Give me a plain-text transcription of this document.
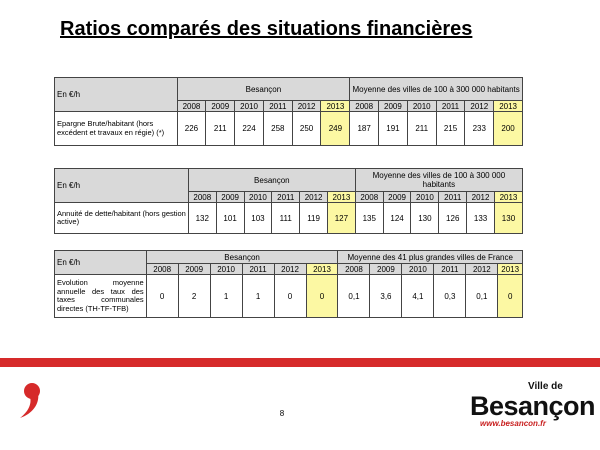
Ratios comparés des situations financières
En €/h	Besançon						Moyenne des villes de 100 à 300 000 habitants					
	2008	2009	2010	2011	2012	2013	2008	2009	2010	2011	2012	2013
Epargne Brute/habitant (hors excédent et travaux en régie) (*)	226	211	224	258	250	249	187	191	211	215	233	200
En €/h	Besançon						Moyenne des villes de 100 à 300 000 habitants					
	2008	2009	2010	2011	2012	2013	2008	2009	2010	2011	2012	2013
Annuité de dette/habitant (hors gestion active)	132	101	103	111	119	127	135	124	130	126	133	130
En €/h	Besançon						Moyenne des 41 plus grandes villes de France					
	2008	2009	2010	2011	2012	2013	2008	2009	2010	2011	2012	2013
Evolution moyenne annuelle des taux des taxes communales directes (TH-TF-TFB)	0	2	1	1	0	0	0,1	3,6	4,1	0,3	0,1	0
8
Ville de
Besançon
www.besancon.fr
